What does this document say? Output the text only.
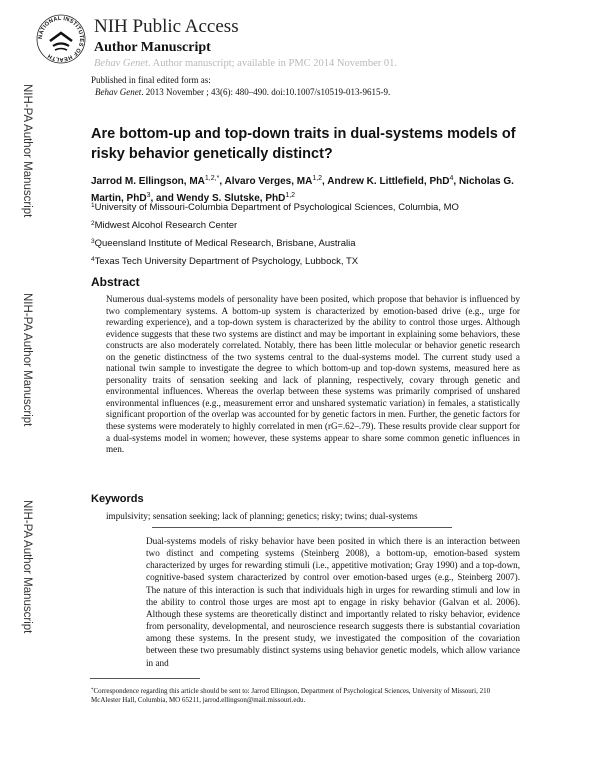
NATIONAL INSTITUTES OF HEALTH
NIH Public Access
Author Manuscript
Behav Genet. Author manuscript; available in PMC 2014 November 01.
Published in final edited form as:
Behav Genet. 2013 November ; 43(6): 480–490. doi:10.1007/s10519-013-9615-9.
NIH-PA Author Manuscript
NIH-PA Author Manuscript
NIH-PA Author Manuscript
Are bottom-up and top-down traits in dual-systems models of risky behavior genetically distinct?
Jarrod M. Ellingson, $MA^{1,2,*}$, Alvaro Verges, MA$^{1,2}$, Andrew K. Littlefield, PhD$^4$, Nicholas G. Martin, PhD$^3$, and Wendy S. Slutske, PhD$^{1,2}$
$^1$University of Missouri-Columbia Department of Psychological Sciences, Columbia, MO
$^2$Midwest Alcohol Research Center
$^3$Queensland Institute of Medical Research, Brisbane, Australia
$^4$Texas Tech University Department of Psychology, Lubbock, TX
Abstract
Numerous dual-systems models of personality have been posited, which propose that behavior is influenced by two complementary systems. A bottom-up system is characterized by emotion-based drive (e.g., urge for rewarding experience), and a top-down system is characterized by the ability to control those urges. Although evidence suggests that these two systems are distinct and may be important in explaining some behaviors, these constructs are also moderately correlated. Notably, there has been little molecular or behavior genetic research on the genetic distinctness of the two systems central to the dual-systems model. The current study used a national twin sample to investigate the degree to which bottom-up and top-down systems, measured here as personality traits of sensation seeking and lack of planning, respectively, covary through genetic and environmental influences. Whereas the overlap between these systems was primarily comprised of unshared environmental influences (e.g., measurement error and unshared systematic variation) in females, a statistically significant proportion of the overlap was accounted for by genetic factors in men. Further, the genetic factors for these systems were moderately to highly correlated in men (rG=.62–.79). These results provide clear support for a dual-systems model in women; however, these systems appear to share some common genetic influences in men.
Keywords
impulsivity; sensation seeking; lack of planning; genetics; risky; twins; dual-systems
Dual-systems models of risky behavior have been posited in which there is an interaction between two distinct and competing systems (Steinberg 2008), a bottom-up, emotion-based system characterized by urges for rewarding stimuli (i.e., appetitive motivation; Gray 1990) and a top-down, cognitive-based system characterized by control over emotion-based urges (e.g., Steinberg 2007). The nature of this interaction is such that individuals high in urges for rewarding stimuli and low in the ability to control those urges are most apt to engage in risky behavior (Galvan et al. 2006). Although these systems are theoretically distinct and importantly related to risky behavior, evidence from personality, developmental, and neuroscience research suggests there is substantial covariation among these systems. In the present study, we investigated the composition of the covariation between these two presumably distinct systems using behavior genetic models, which allow variance in and
*Correspondence regarding this article should be sent to: Jarrod Ellingson, Department of Psychological Sciences, University of Missouri, 210 McAlester Hall, Columbia, MO 65211, jarrod.ellingson@mail.missouri.edu.
